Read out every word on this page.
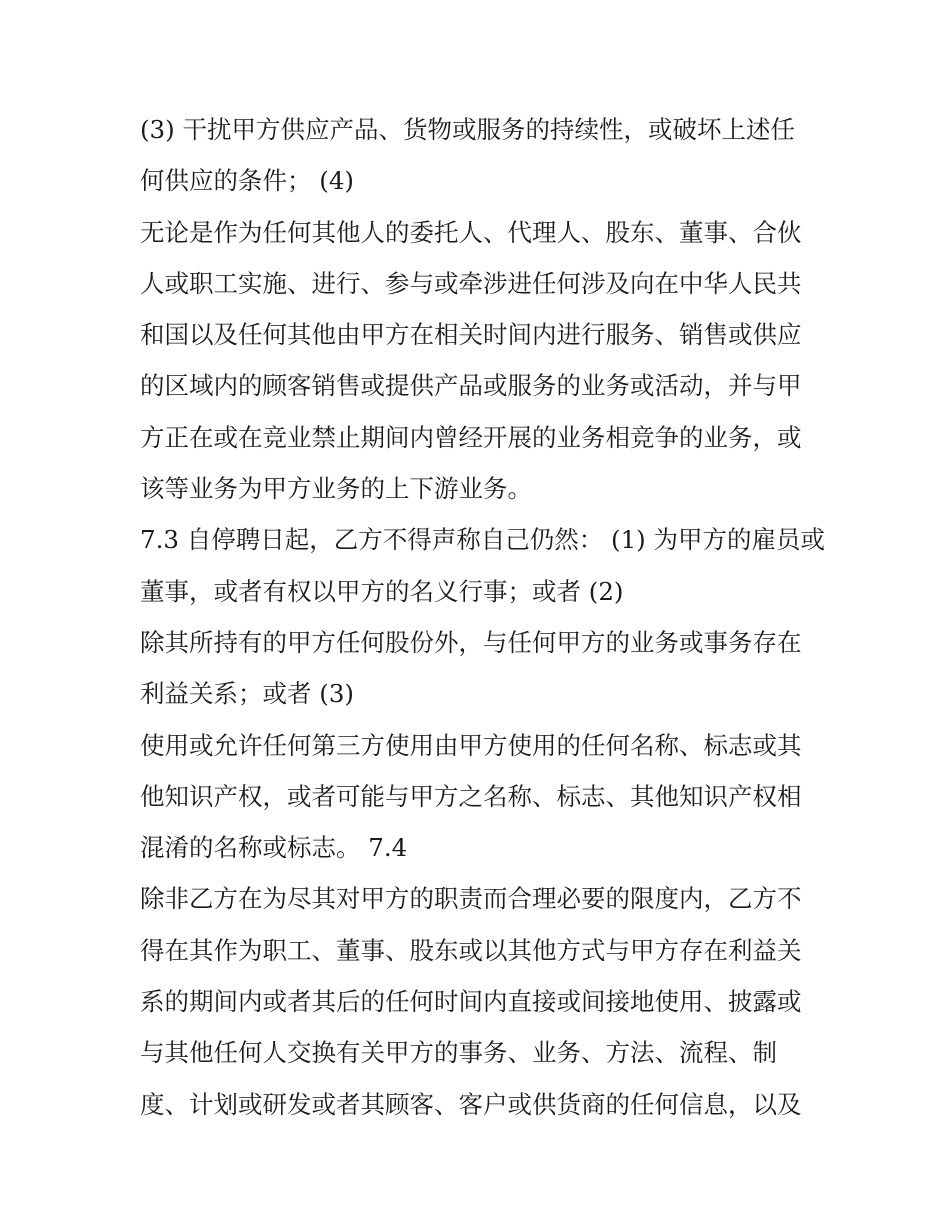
(3) 干扰甲方供应产品、货物或服务的持续性，或破坏上述任
何供应的条件； (4)
无论是作为任何其他人的委托人、代理人、股东、董事、合伙
人或职工实施、进行、参与或牵涉进任何涉及向在中华人民共
和国以及任何其他由甲方在相关时间内进行服务、销售或供应
的区域内的顾客销售或提供产品或服务的业务或活动，并与甲
方正在或在竞业禁止期间内曾经开展的业务相竞争的业务，或
该等业务为甲方业务的上下游业务。
7.3 自停聘日起，乙方不得声称自己仍然： (1) 为甲方的雇员或
董事，或者有权以甲方的名义行事；或者 (2)
除其所持有的甲方任何股份外，与任何甲方的业务或事务存在
利益关系；或者 (3)
使用或允许任何第三方使用由甲方使用的任何名称、标志或其
他知识产权，或者可能与甲方之名称、标志、其他知识产权相
混淆的名称或标志。 7.4
除非乙方在为尽其对甲方的职责而合理必要的限度内，乙方不
得在其作为职工、董事、股东或以其他方式与甲方存在利益关
系的期间内或者其后的任何时间内直接或间接地使用、披露或
与其他任何人交换有关甲方的事务、业务、方法、流程、制
度、计划或研发或者其顾客、客户或供货商的任何信息，以及
